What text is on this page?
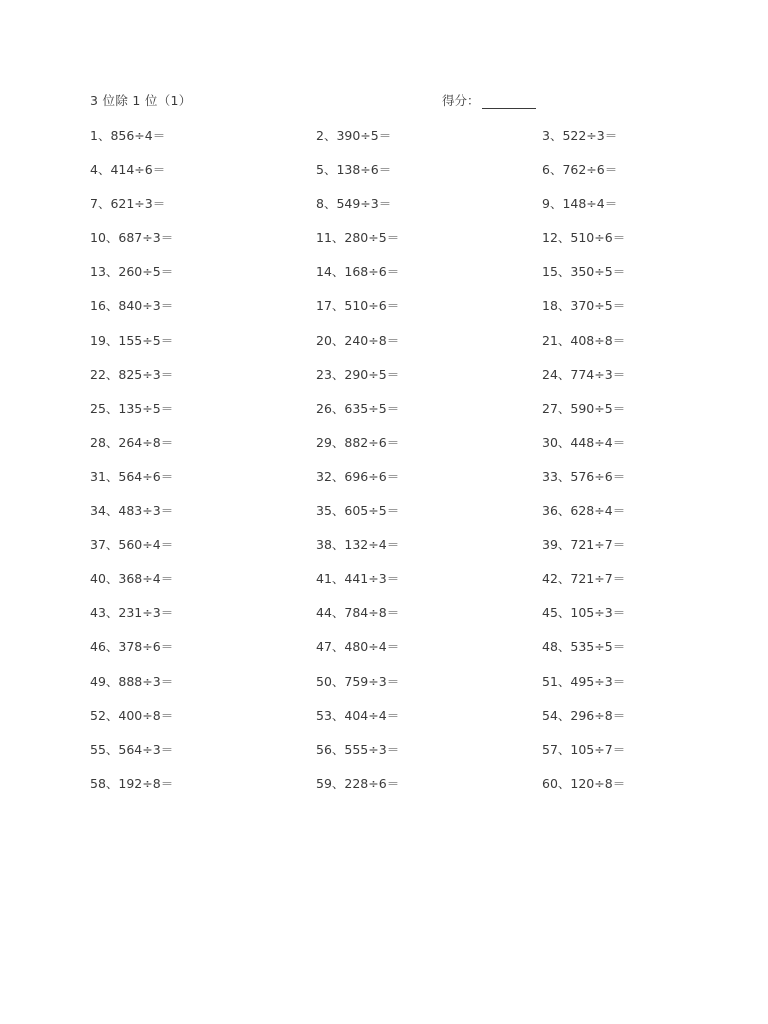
3 位除 1 位（1）	得分：
1、856÷4＝	2、390÷5＝	3、522÷3＝
4、414÷6＝	5、138÷6＝	6、762÷6＝
7、621÷3＝	8、549÷3＝	9、148÷4＝
10、687÷3＝	11、280÷5＝	12、510÷6＝
13、260÷5＝	14、168÷6＝	15、350÷5＝
16、840÷3＝	17、510÷6＝	18、370÷5＝
19、155÷5＝	20、240÷8＝	21、408÷8＝
22、825÷3＝	23、290÷5＝	24、774÷3＝
25、135÷5＝	26、635÷5＝	27、590÷5＝
28、264÷8＝	29、882÷6＝	30、448÷4＝
31、564÷6＝	32、696÷6＝	33、576÷6＝
34、483÷3＝	35、605÷5＝	36、628÷4＝
37、560÷4＝	38、132÷4＝	39、721÷7＝
40、368÷4＝	41、441÷3＝	42、721÷7＝
43、231÷3＝	44、784÷8＝	45、105÷3＝
46、378÷6＝	47、480÷4＝	48、535÷5＝
49、888÷3＝	50、759÷3＝	51、495÷3＝
52、400÷8＝	53、404÷4＝	54、296÷8＝
55、564÷3＝	56、555÷3＝	57、105÷7＝
58、192÷8＝	59、228÷6＝	60、120÷8＝
